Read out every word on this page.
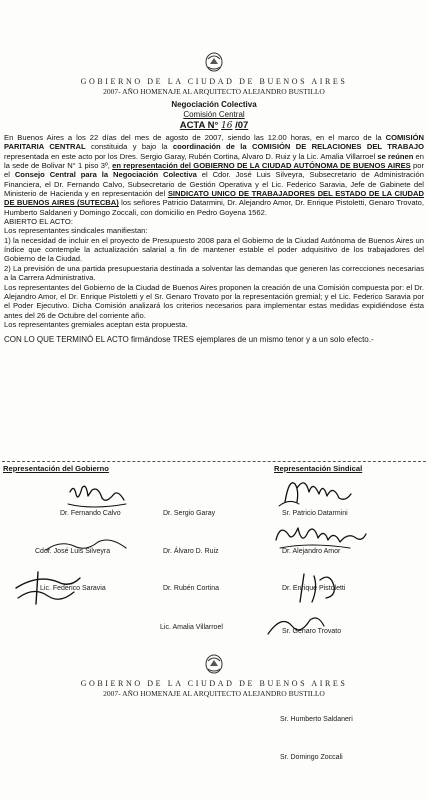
GOBIERNO DE LA CIUDAD DE BUENOS AIRES
2007- AÑO HOMENAJE AL ARQUITECTO ALEJANDRO BUSTILLO
Negociación Colectiva
Comisión Central
ACTA N° 16 /07

En Buenos Aires a los 22 días del mes de agosto de 2007, siendo las 12.00 horas, en el marco de la COMISIÓN PARITARIA CENTRAL constituida y bajo la coordinación de la COMISIÓN DE RELACIONES DEL TRABAJO representada en este acto por los Dres. Sergio Garay, Rubén Cortina, Alvaro D. Ruiz y la Lic. Amalia Villarroel se reúnen en la sede de Bolivar N° 1 piso 3º, en representación del GOBIERNO DE LA CIUDAD AUTÓNOMA DE BUENOS AIRES por el Consejo Central para la Negociación Colectiva el Cdor. José Luis Silveyra, Subsecretario de Administración Financiera, el Dr. Fernando Calvo, Subsecretario de Gestión Operativa y el Lic. Federico Saravia, Jefe de Gabinete del Ministerio de Hacienda y en representación del SINDICATO UNICO DE TRABAJADORES DEL ESTADO DE LA CIUDAD DE BUENOS AIRES (SUTECBA) los señores Patricio Datarmini, Dr. Alejandro Amor, Dr. Enrique Pistoletti, Genaro Trovato, Humberto Saldaneri y Domingo Zoccali, con domicilio en Pedro Goyena 1562.

ABIERTO EL ACTO:

Los representantes sindicales manifiestan:

1) la necesidad de incluir en el proyecto de Presupuesto 2008 para el Gobierno de la Ciudad Autónoma de Buenos Aires un índice que contemple la actualización salarial a fin de mantener estable el poder adquisitivo de los trabajadores del Gobierno de la Ciudad.

2) La previsión de una partida presupuestaria destinada a solventar las demandas que generen las correcciones necesarias a la Carrera Administrativa.

Los representantes del Gobierno de la Ciudad de Buenos Aires proponen la creación de una Comisión compuesta por: el Dr. Alejandro Amor, el Dr. Enrique Pistoletti y el Sr. Genaro Trovato por la representación gremial; y el Lic. Federico Saravia por el Poder Ejecutivo. Dicha Comisión analizará los criterios necesarios para implementar estas medidas expidiéndose ésta antes del 26 de Octubre del corriente año.

Los representantes gremiales aceptan esta propuesta.

CON LO QUE TERMINÓ EL ACTO firmándose TRES ejemplares de un mismo tenor y a un solo efecto.-

Representación del Gobierno	Representación Sindical
Dr. Fernando Calvo
Cdor. José Luis Silveyra
Lic. Federico Saravia
Dr. Sergio Garay
Dr. Álvaro D. Ruiz
Dr. Rubén Cortina
Lic. Amalia Villarroel
Sr. Patricio Datarmini
Dr. Alejandro Amor
Dr. Enrique Pistoletti
Sr. Genaro Trovato
GOBIERNO DE LA CIUDAD DE BUENOS AIRES
2007- AÑO HOMENAJE AL ARQUITECTO ALEJANDRO BUSTILLO
Sr. Humberto Saldaneri
Sr. Domingo Zoccali
